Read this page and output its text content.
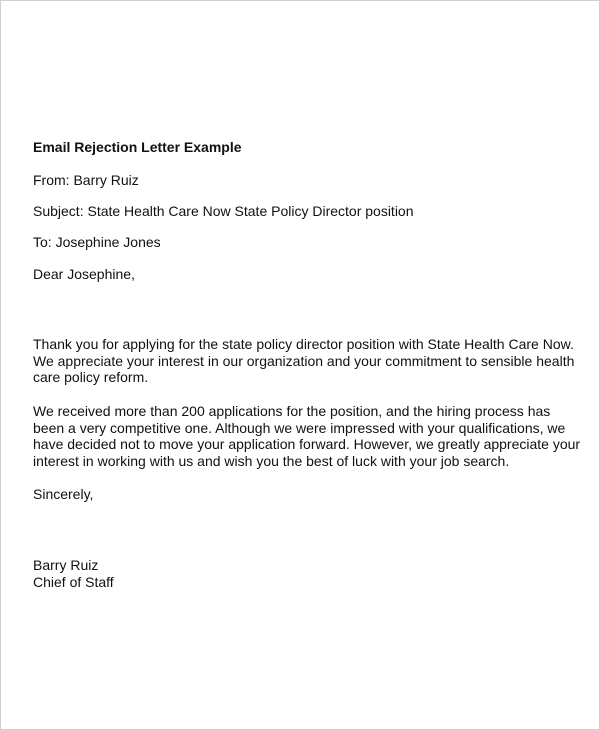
Email Rejection Letter Example
From: Barry Ruiz
Subject: State Health Care Now State Policy Director position
To: Josephine Jones
Dear Josephine,
Thank you for applying for the state policy director position with State Health Care Now.
We appreciate your interest in our organization and your commitment to sensible health
care policy reform.
We received more than 200 applications for the position, and the hiring process has
been a very competitive one. Although we were impressed with your qualifications, we
have decided not to move your application forward. However, we greatly appreciate your
interest in working with us and wish you the best of luck with your job search.
Sincerely,
Barry Ruiz
Chief of Staff
